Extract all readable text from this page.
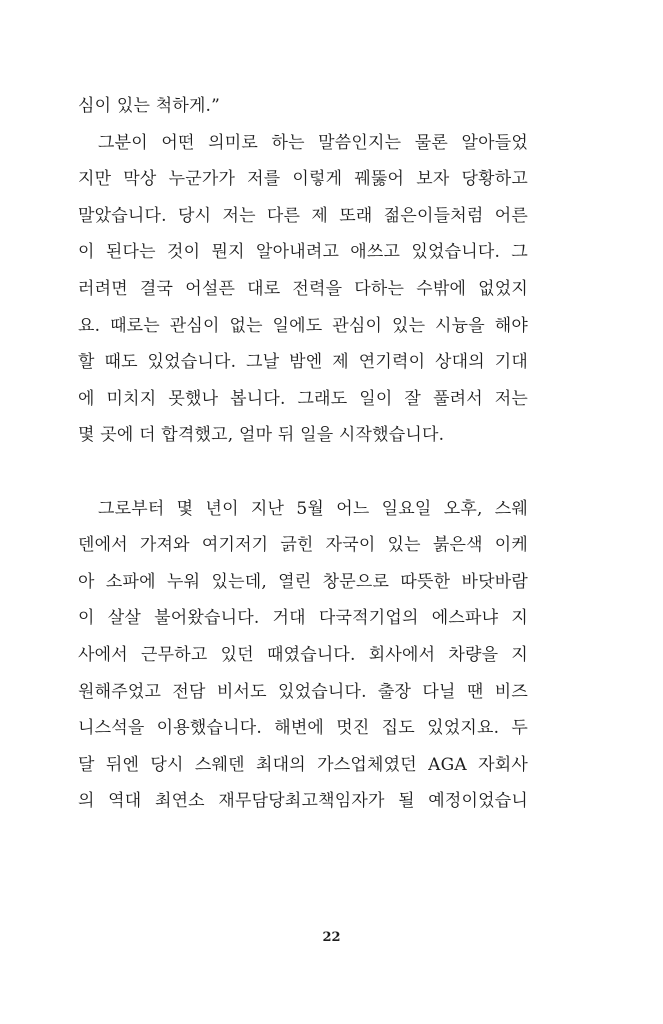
심이 있는 척하게.”
그분이 어떤 의미로 하는 말씀인지는 물론 알아들었
지만 막상 누군가가 저를 이렇게 꿰뚫어 보자 당황하고
말았습니다. 당시 저는 다른 제 또래 젊은이들처럼 어른
이 된다는 것이 뭔지 알아내려고 애쓰고 있었습니다. 그
러려면 결국 어설픈 대로 전력을 다하는 수밖에 없었지
요. 때로는 관심이 없는 일에도 관심이 있는 시늉을 해야
할 때도 있었습니다. 그날 밤엔 제 연기력이 상대의 기대
에 미치지 못했나 봅니다. 그래도 일이 잘 풀려서 저는
몇 곳에 더 합격했고, 얼마 뒤 일을 시작했습니다.
그로부터 몇 년이 지난 5월 어느 일요일 오후, 스웨
덴에서 가져와 여기저기 긁힌 자국이 있는 붉은색 이케
아 소파에 누워 있는데, 열린 창문으로 따뜻한 바닷바람
이 살살 불어왔습니다. 거대 다국적기업의 에스파냐 지
사에서 근무하고 있던 때였습니다. 회사에서 차량을 지
원해주었고 전담 비서도 있었습니다. 출장 다닐 땐 비즈
니스석을 이용했습니다. 해변에 멋진 집도 있었지요. 두
달 뒤엔 당시 스웨덴 최대의 가스업체였던 AGA 자회사
의 역대 최연소 재무담당최고책임자가 될 예정이었습니
22
